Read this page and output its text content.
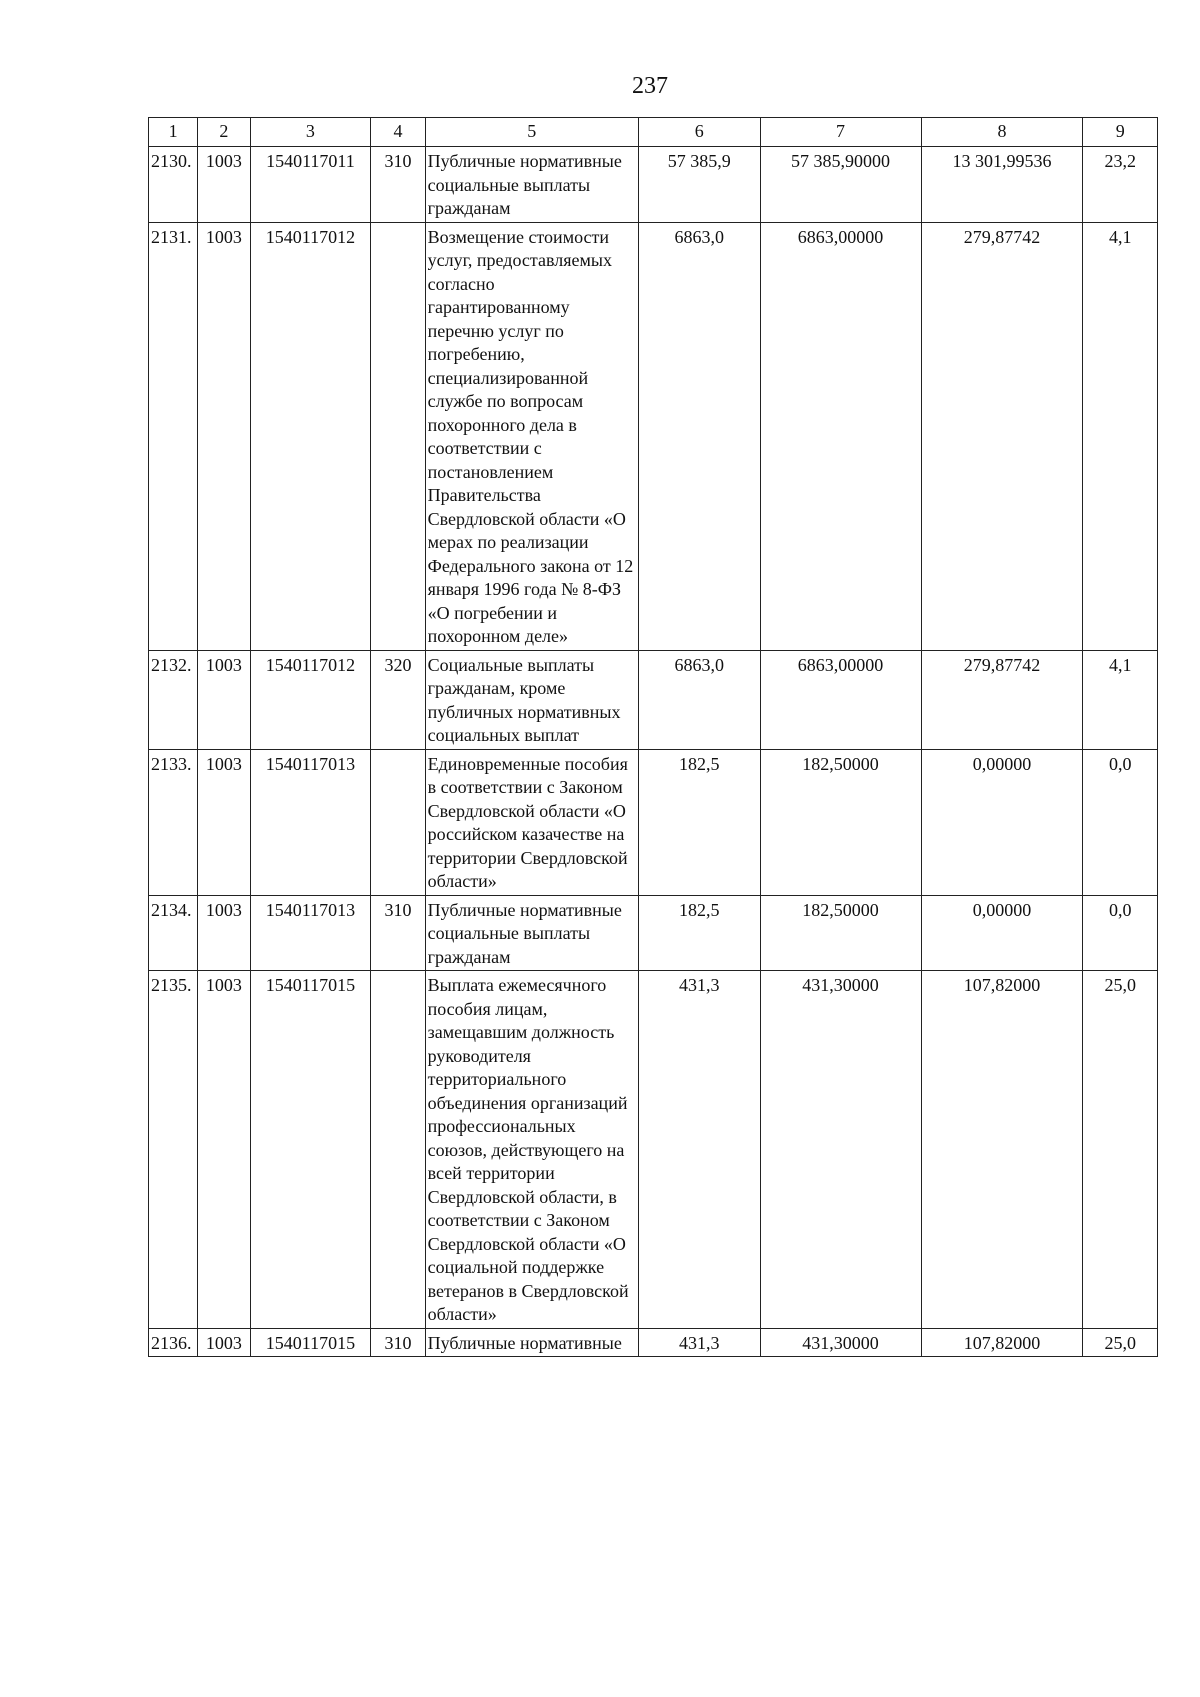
237
1	2	3	4	5	6	7	8	9
2130.	1003	1540117011	310	Публичные нормативные социальные выплаты гражданам	57 385,9	57 385,90000	13 301,99536	23,2
2131.	1003	1540117012		Возмещение стоимости услуг, предоставляемых согласно гарантированному перечню услуг по погребению, специализированной службе по вопросам похоронного дела в соответствии с постановлением Правительства Свердловской области «О мерах по реализации Федерального закона от 12 января 1996 года № 8-ФЗ «О погребении и похоронном деле»	6863,0	6863,00000	279,87742	4,1
2132.	1003	1540117012	320	Социальные выплаты гражданам, кроме публичных нормативных социальных выплат	6863,0	6863,00000	279,87742	4,1
2133.	1003	1540117013		Единовременные пособия в соответствии с Законом Свердловской области «О российском казачестве на территории Свердловской области»	182,5	182,50000	0,00000	0,0
2134.	1003	1540117013	310	Публичные нормативные социальные выплаты гражданам	182,5	182,50000	0,00000	0,0
2135.	1003	1540117015		Выплата ежемесячного пособия лицам, замещавшим должность руководителя территориального объединения организаций профессиональных союзов, действующего на всей территории Свердловской области, в соответствии с Законом Свердловской области «О социальной поддержке ветеранов в Свердловской области»	431,3	431,30000	107,82000	25,0
2136.	1003	1540117015	310	Публичные нормативные	431,3	431,30000	107,82000	25,0
